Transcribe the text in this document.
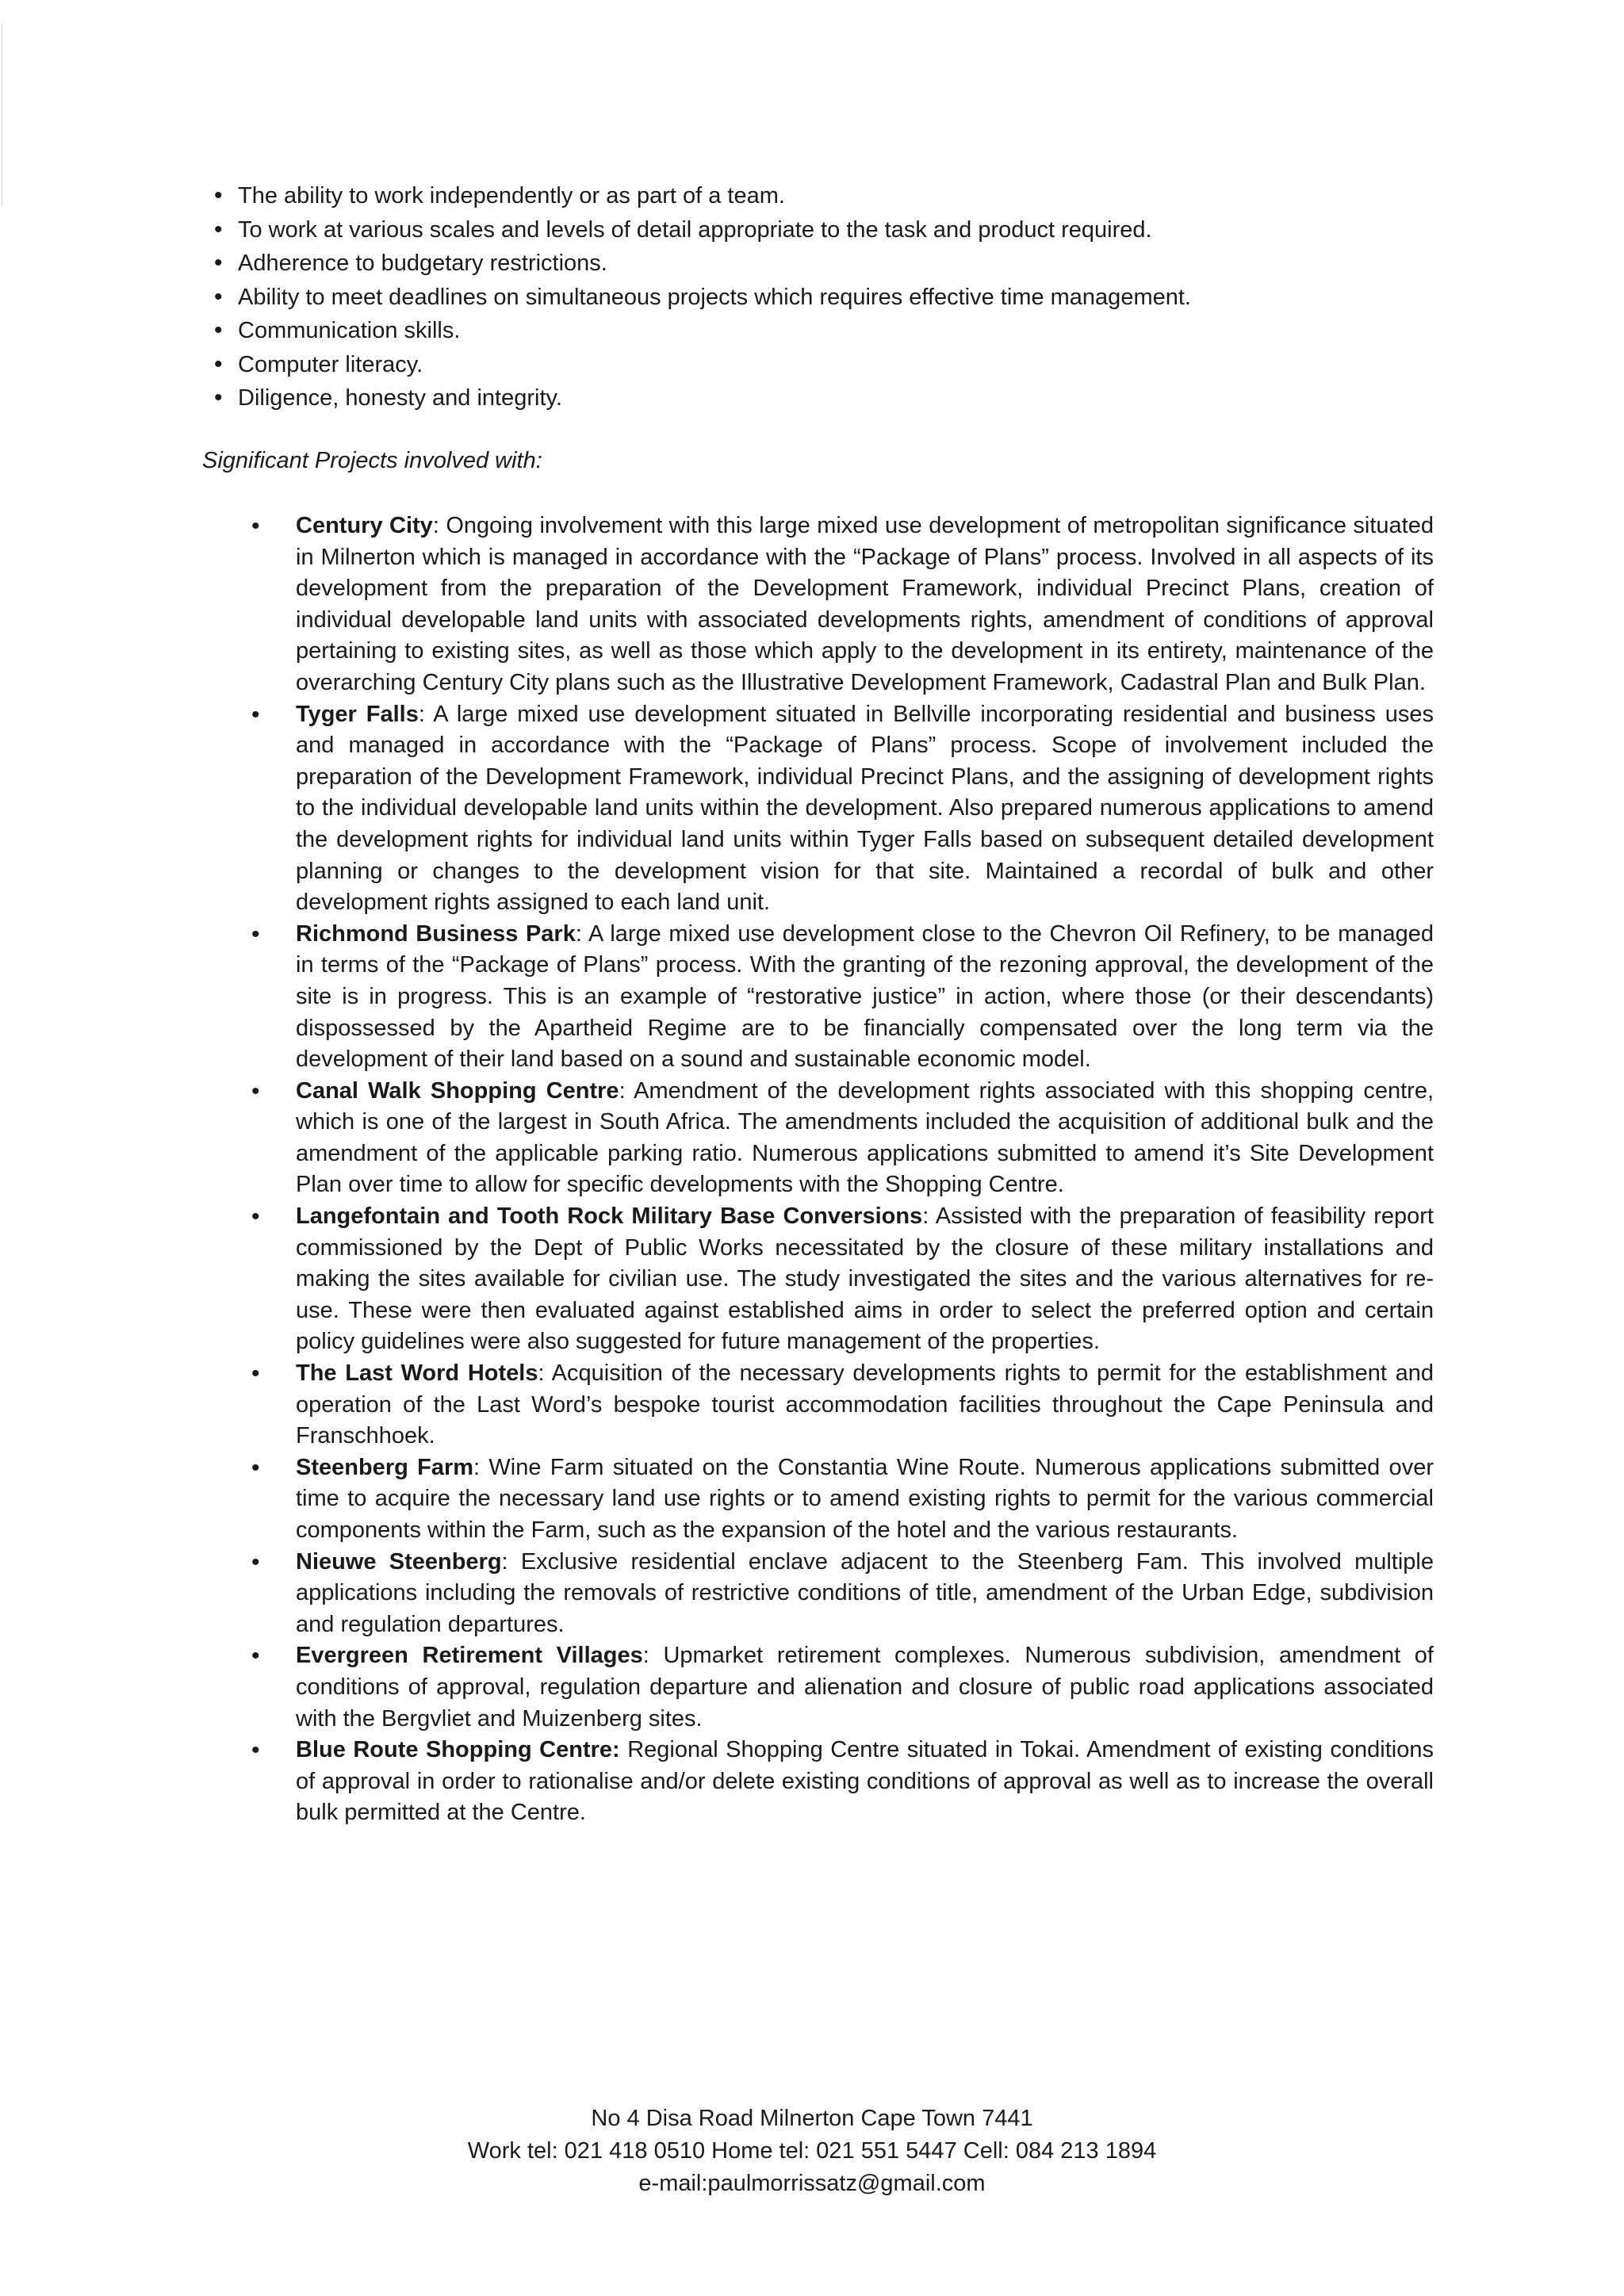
• The ability to work independently or as part of a team.
• To work at various scales and levels of detail appropriate to the task and product required.
• Adherence to budgetary restrictions.
• Ability to meet deadlines on simultaneous projects which requires effective time management.
• Communication skills.
• Computer literacy.
• Diligence, honesty and integrity.
Significant Projects involved with:
• Century City: Ongoing involvement with this large mixed use development of metropolitan significance situated in Milnerton which is managed in accordance with the “Package of Plans” process. Involved in all aspects of its development from the preparation of the Development Framework, individual Precinct Plans, creation of individual developable land units with associated developments rights, amendment of conditions of approval pertaining to existing sites, as well as those which apply to the development in its entirety, maintenance of the overarching Century City plans such as the Illustrative Development Framework, Cadastral Plan and Bulk Plan.
• Tyger Falls: A large mixed use development situated in Bellville incorporating residential and business uses and managed in accordance with the “Package of Plans” process. Scope of involvement included the preparation of the Development Framework, individual Precinct Plans, and the assigning of development rights to the individual developable land units within the development. Also prepared numerous applications to amend the development rights for individual land units within Tyger Falls based on subsequent detailed development planning or changes to the development vision for that site. Maintained a recordal of bulk and other development rights assigned to each land unit.
• Richmond Business Park: A large mixed use development close to the Chevron Oil Refinery, to be managed in terms of the “Package of Plans” process. With the granting of the rezoning approval, the development of the site is in progress. This is an example of “restorative justice” in action, where those (or their descendants) dispossessed by the Apartheid Regime are to be financially compensated over the long term via the development of their land based on a sound and sustainable economic model.
• Canal Walk Shopping Centre: Amendment of the development rights associated with this shopping centre, which is one of the largest in South Africa. The amendments included the acquisition of additional bulk and the amendment of the applicable parking ratio. Numerous applications submitted to amend it’s Site Development Plan over time to allow for specific developments with the Shopping Centre.
• Langefontain and Tooth Rock Military Base Conversions: Assisted with the preparation of feasibility report commissioned by the Dept of Public Works necessitated by the closure of these military installations and making the sites available for civilian use. The study investigated the sites and the various alternatives for re-use. These were then evaluated against established aims in order to select the preferred option and certain policy guidelines were also suggested for future management of the properties.
• The Last Word Hotels: Acquisition of the necessary developments rights to permit for the establishment and operation of the Last Word’s bespoke tourist accommodation facilities throughout the Cape Peninsula and Franschhoek.
• Steenberg Farm: Wine Farm situated on the Constantia Wine Route. Numerous applications submitted over time to acquire the necessary land use rights or to amend existing rights to permit for the various commercial components within the Farm, such as the expansion of the hotel and the various restaurants.
• Nieuwe Steenberg: Exclusive residential enclave adjacent to the Steenberg Fam. This involved multiple applications including the removals of restrictive conditions of title, amendment of the Urban Edge, subdivision and regulation departures.
• Evergreen Retirement Villages: Upmarket retirement complexes. Numerous subdivision, amendment of conditions of approval, regulation departure and alienation and closure of public road applications associated with the Bergvliet and Muizenberg sites.
• Blue Route Shopping Centre: Regional Shopping Centre situated in Tokai. Amendment of existing conditions of approval in order to rationalise and/or delete existing conditions of approval as well as to increase the overall bulk permitted at the Centre.
No 4 Disa Road Milnerton Cape Town 7441
Work tel: 021 418 0510 Home tel: 021 551 5447 Cell: 084 213 1894
e-mail:paulmorrissatz@gmail.com
